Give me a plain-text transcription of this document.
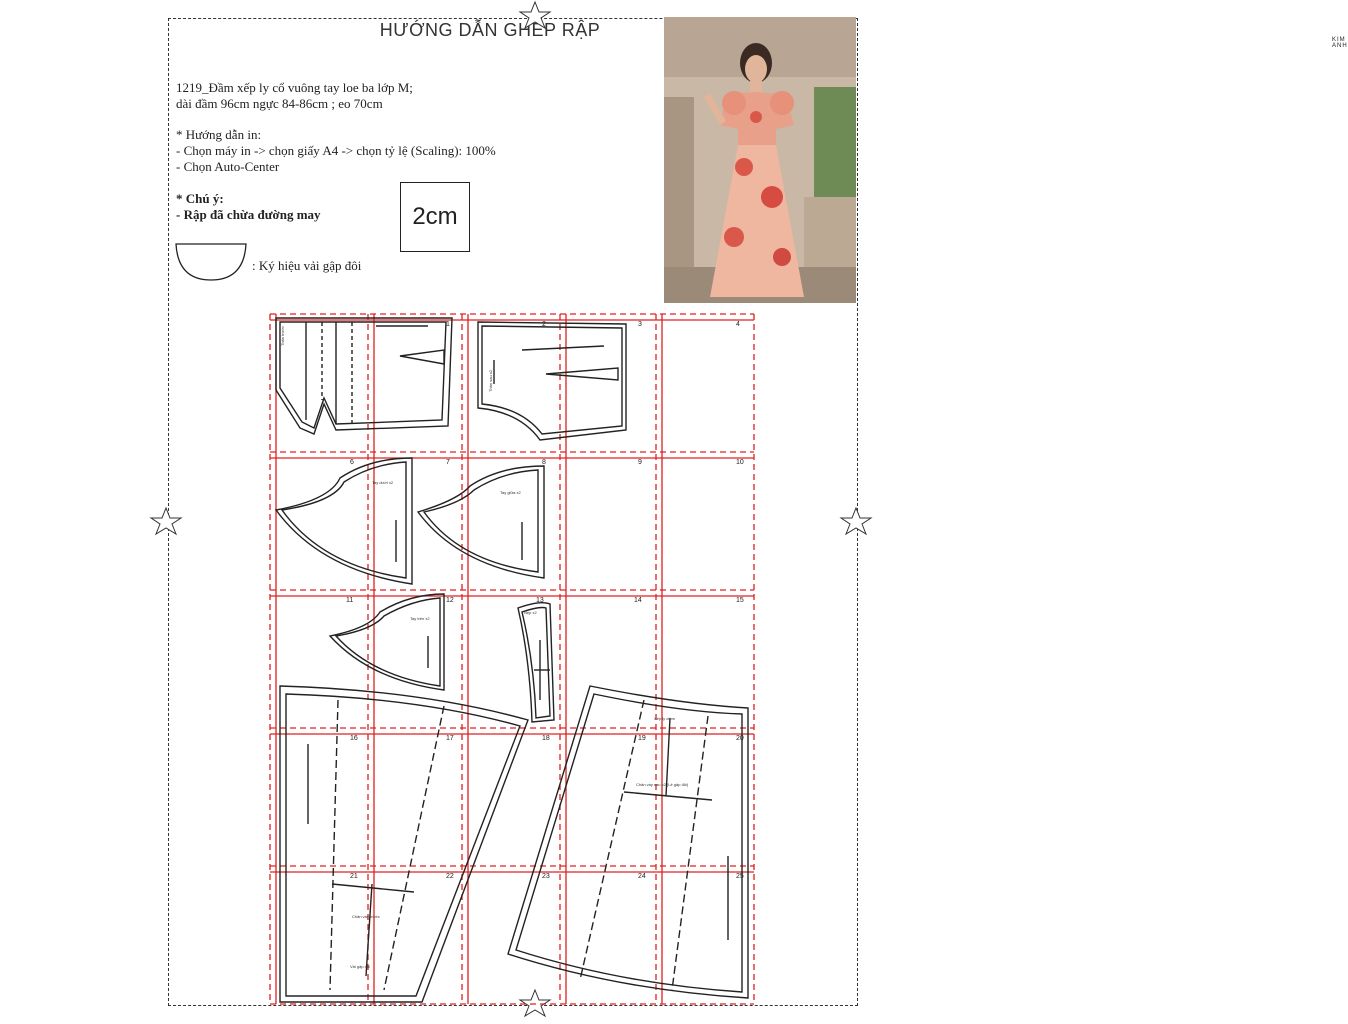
HƯỚNG DẪN GHÉP RẬP
1219_Đầm xếp ly cổ vuông tay loe ba lớp M;
dài đầm 96cm ngực 84-86cm ; eo 70cm
* Hướng dẫn in:
- Chọn máy in -> chọn giấy A4 -> chọn tỷ lệ (Scaling): 100%
- Chọn Auto-Center
* Chú ý:
- Rập đã chừa đường may
: Ký hiệu vải gập đôi
2cm
KIM ANH
1	2	3	4
6	7	8	9	10
11	12	13	14	15
16	17	18	19	20
21	22	23	24	25
Thân trước
Thân sau x2
Tay dưới x2
Tay giữa x2
Tay trên x2
Nẹp x2
Vải gập đôi
Chân váy trước
Xếp ly chìm
Chân váy sau x2 (Lệ gập đôi)
